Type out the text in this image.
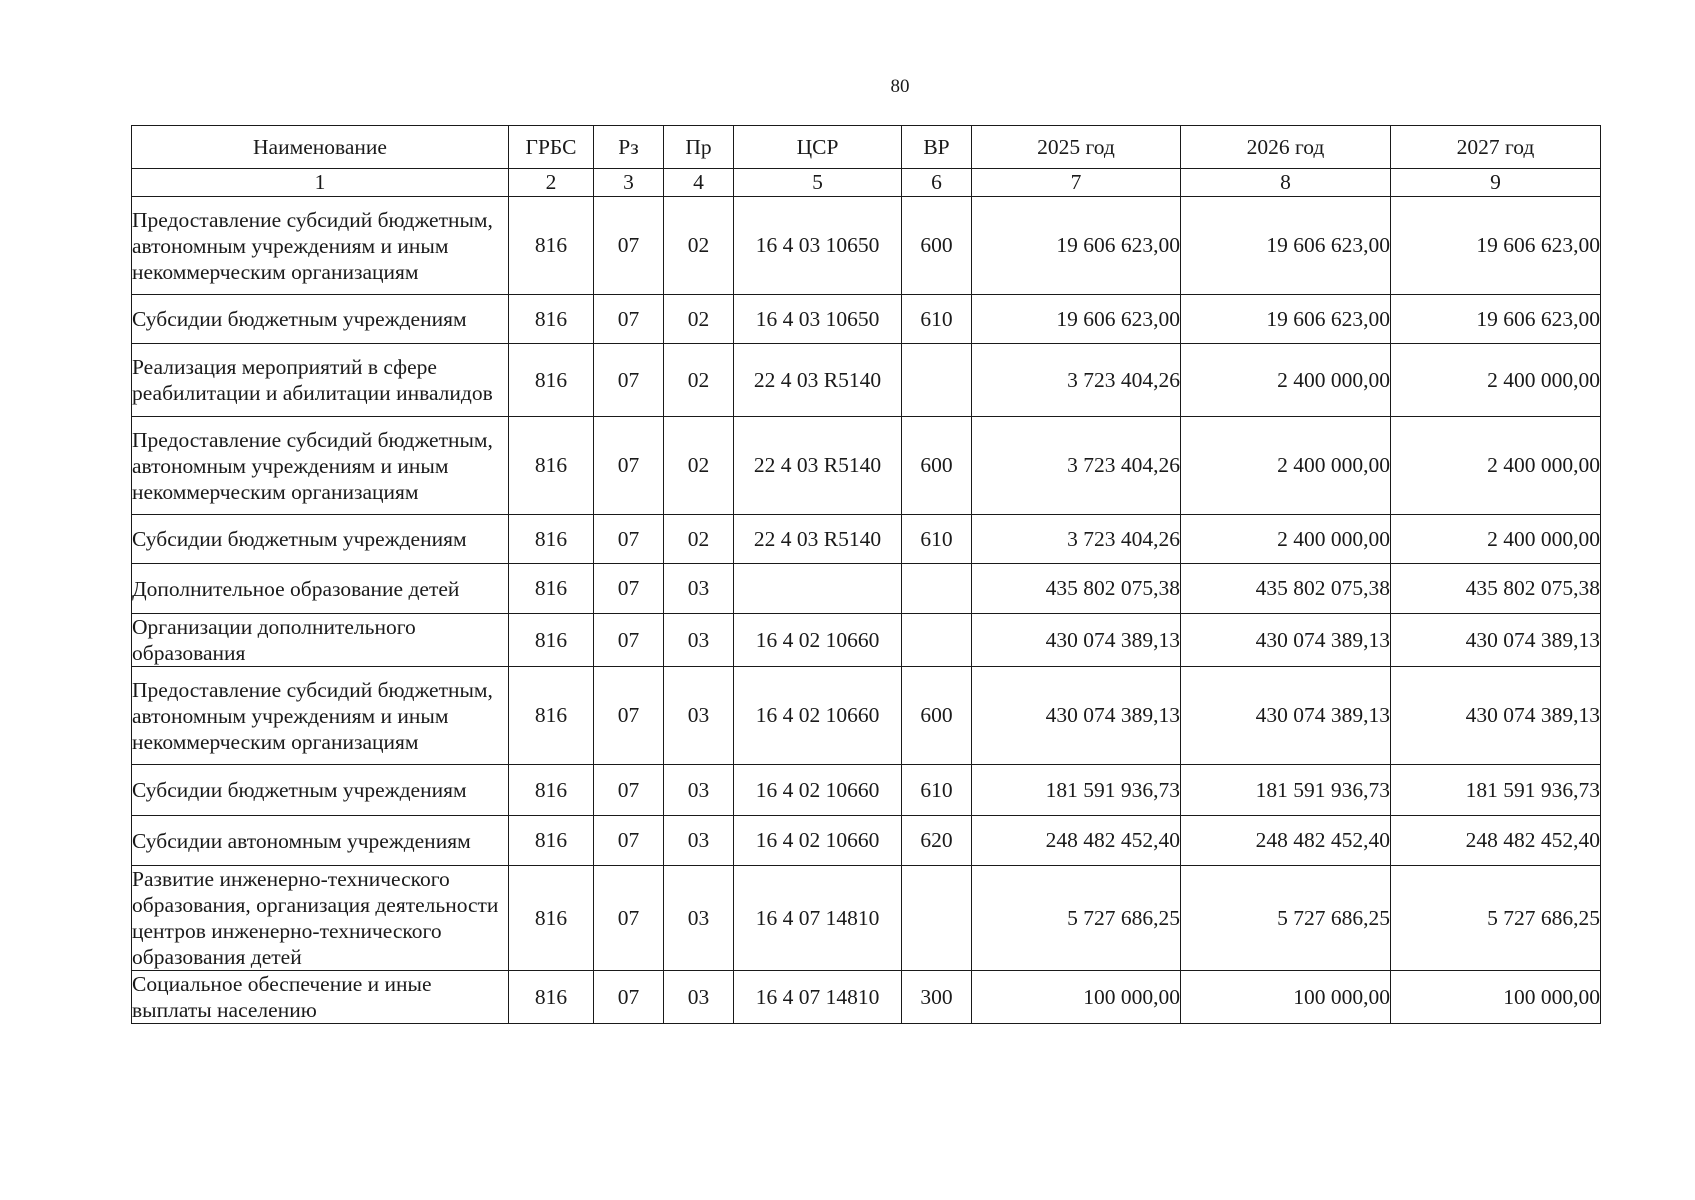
80
Наименование	ГРБС	Рз	Пр	ЦСР	ВР	2025 год	2026 год	2027 год
1	2	3	4	5	6	7	8	9
Предоставление субсидий бюджетным, автономным учреждениям и иным некоммерческим организациям	816	07	02	16 4 03 10650	600	19 606 623,00	19 606 623,00	19 606 623,00
Субсидии бюджетным учреждениям	816	07	02	16 4 03 10650	610	19 606 623,00	19 606 623,00	19 606 623,00
Реализация мероприятий в сфере реабилитации и абилитации инвалидов	816	07	02	22 4 03 R5140		3 723 404,26	2 400 000,00	2 400 000,00
Предоставление субсидий бюджетным, автономным учреждениям и иным некоммерческим организациям	816	07	02	22 4 03 R5140	600	3 723 404,26	2 400 000,00	2 400 000,00
Субсидии бюджетным учреждениям	816	07	02	22 4 03 R5140	610	3 723 404,26	2 400 000,00	2 400 000,00
Дополнительное образование детей	816	07	03			435 802 075,38	435 802 075,38	435 802 075,38
Организации дополнительного образования	816	07	03	16 4 02 10660		430 074 389,13	430 074 389,13	430 074 389,13
Предоставление субсидий бюджетным, автономным учреждениям и иным некоммерческим организациям	816	07	03	16 4 02 10660	600	430 074 389,13	430 074 389,13	430 074 389,13
Субсидии бюджетным учреждениям	816	07	03	16 4 02 10660	610	181 591 936,73	181 591 936,73	181 591 936,73
Субсидии автономным учреждениям	816	07	03	16 4 02 10660	620	248 482 452,40	248 482 452,40	248 482 452,40
Развитие инженерно-технического образования, организация деятельности центров инженерно-технического образования детей	816	07	03	16 4 07 14810		5 727 686,25	5 727 686,25	5 727 686,25
Социальное обеспечение и иные выплаты населению	816	07	03	16 4 07 14810	300	100 000,00	100 000,00	100 000,00
